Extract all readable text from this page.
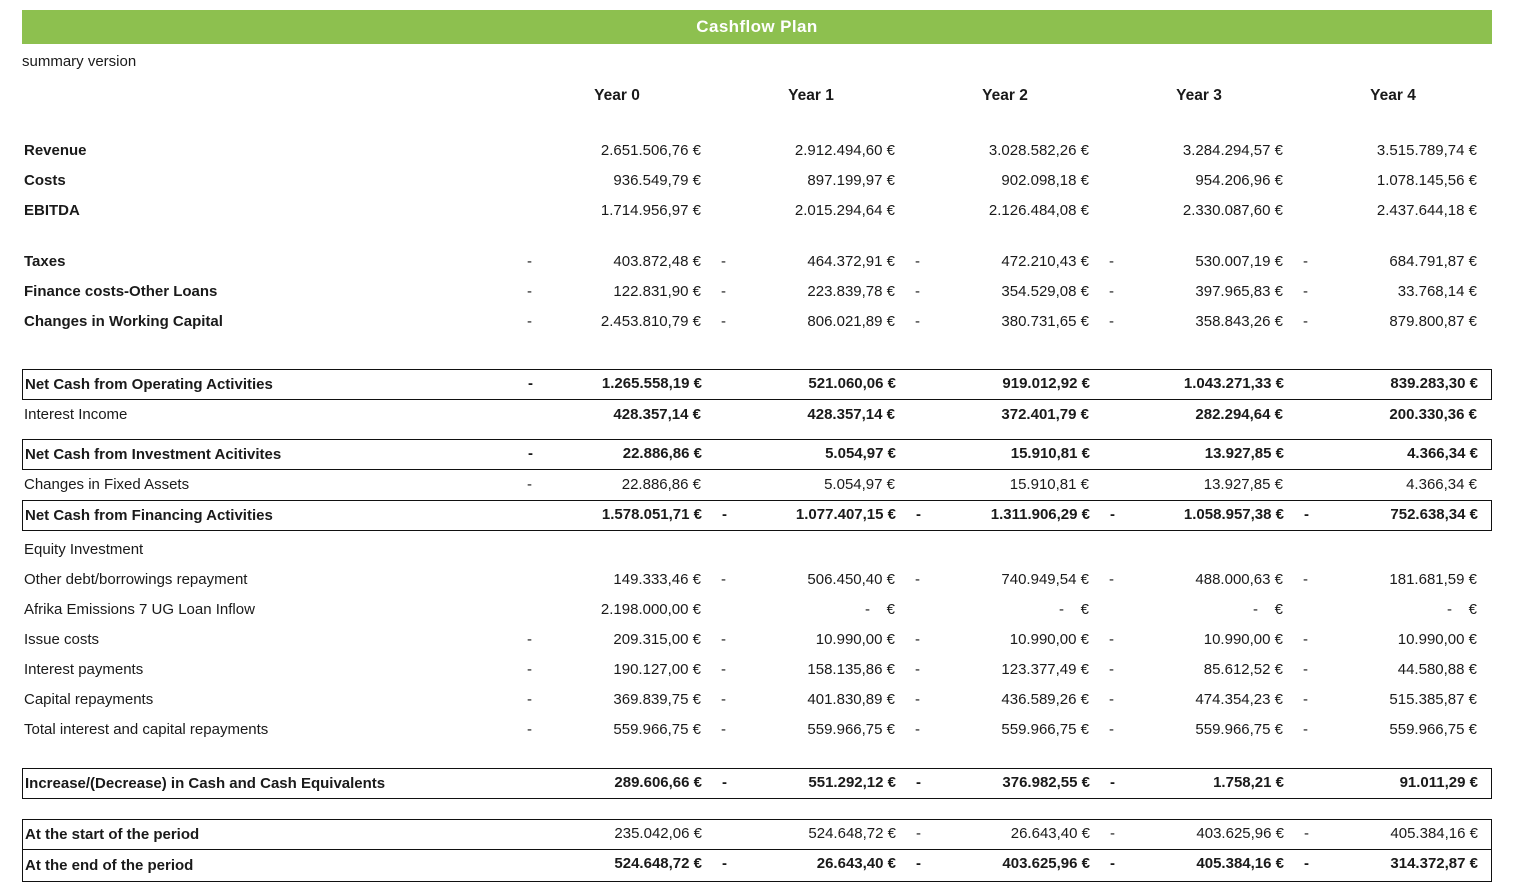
Cashflow Plan
summary version
Year 0	Year 1	Year 2	Year 3	Year 4
Revenue	2.651.506,76 €	2.912.494,60 €	3.028.582,26 €	3.284.294,57 €	3.515.789,74 €
Costs	936.549,79 €	897.199,97 €	902.098,18 €	954.206,96 €	1.078.145,56 €
EBITDA	1.714.956,97 €	2.015.294,64 €	2.126.484,08 €	2.330.087,60 €	2.437.644,18 €
Taxes	-	403.872,48 €	-	464.372,91 €	-	472.210,43 €	-	530.007,19 €	-	684.791,87 €
Finance costs-Other Loans	-	122.831,90 €	-	223.839,78 €	-	354.529,08 €	-	397.965,83 €	-	33.768,14 €
Changes in Working Capital	-	2.453.810,79 €	-	806.021,89 €	-	380.731,65 €	-	358.843,26 €	-	879.800,87 €
Net Cash from Operating Activities	-	1.265.558,19 €	521.060,06 €	919.012,92 €	1.043.271,33 €	839.283,30 €
Interest Income	428.357,14 €	428.357,14 €	372.401,79 €	282.294,64 €	200.330,36 €
Net Cash from Investment Acitivites	-	22.886,86 €	5.054,97 €	15.910,81 €	13.927,85 €	4.366,34 €
Changes in Fixed Assets	-	22.886,86 €	5.054,97 €	15.910,81 €	13.927,85 €	4.366,34 €
Net Cash from Financing Activities	1.578.051,71 €	-	1.077.407,15 €	-	1.311.906,29 €	-	1.058.957,38 €	-	752.638,34 €
Equity Investment
Other debt/borrowings repayment	149.333,46 €	-	506.450,40 €	-	740.949,54 €	-	488.000,63 €	-	181.681,59 €
Afrika Emissions 7 UG Loan Inflow	2.198.000,00 €	-    €	-    €	-    €	-    €
Issue costs	-	209.315,00 €	-	10.990,00 €	-	10.990,00 €	-	10.990,00 €	-	10.990,00 €
Interest payments	-	190.127,00 €	-	158.135,86 €	-	123.377,49 €	-	85.612,52 €	-	44.580,88 €
Capital repayments	-	369.839,75 €	-	401.830,89 €	-	436.589,26 €	-	474.354,23 €	-	515.385,87 €
Total interest and capital repayments	-	559.966,75 €	-	559.966,75 €	-	559.966,75 €	-	559.966,75 €	-	559.966,75 €
Increase/(Decrease) in Cash and Cash Equivalents	289.606,66 €	-	551.292,12 €	-	376.982,55 €	-	1.758,21 €	91.011,29 €
At the start of the period	235.042,06 €	524.648,72 €	-	26.643,40 €	-	403.625,96 €	-	405.384,16 €
At the end of the period	524.648,72 €	-	26.643,40 €	-	403.625,96 €	-	405.384,16 €	-	314.372,87 €
